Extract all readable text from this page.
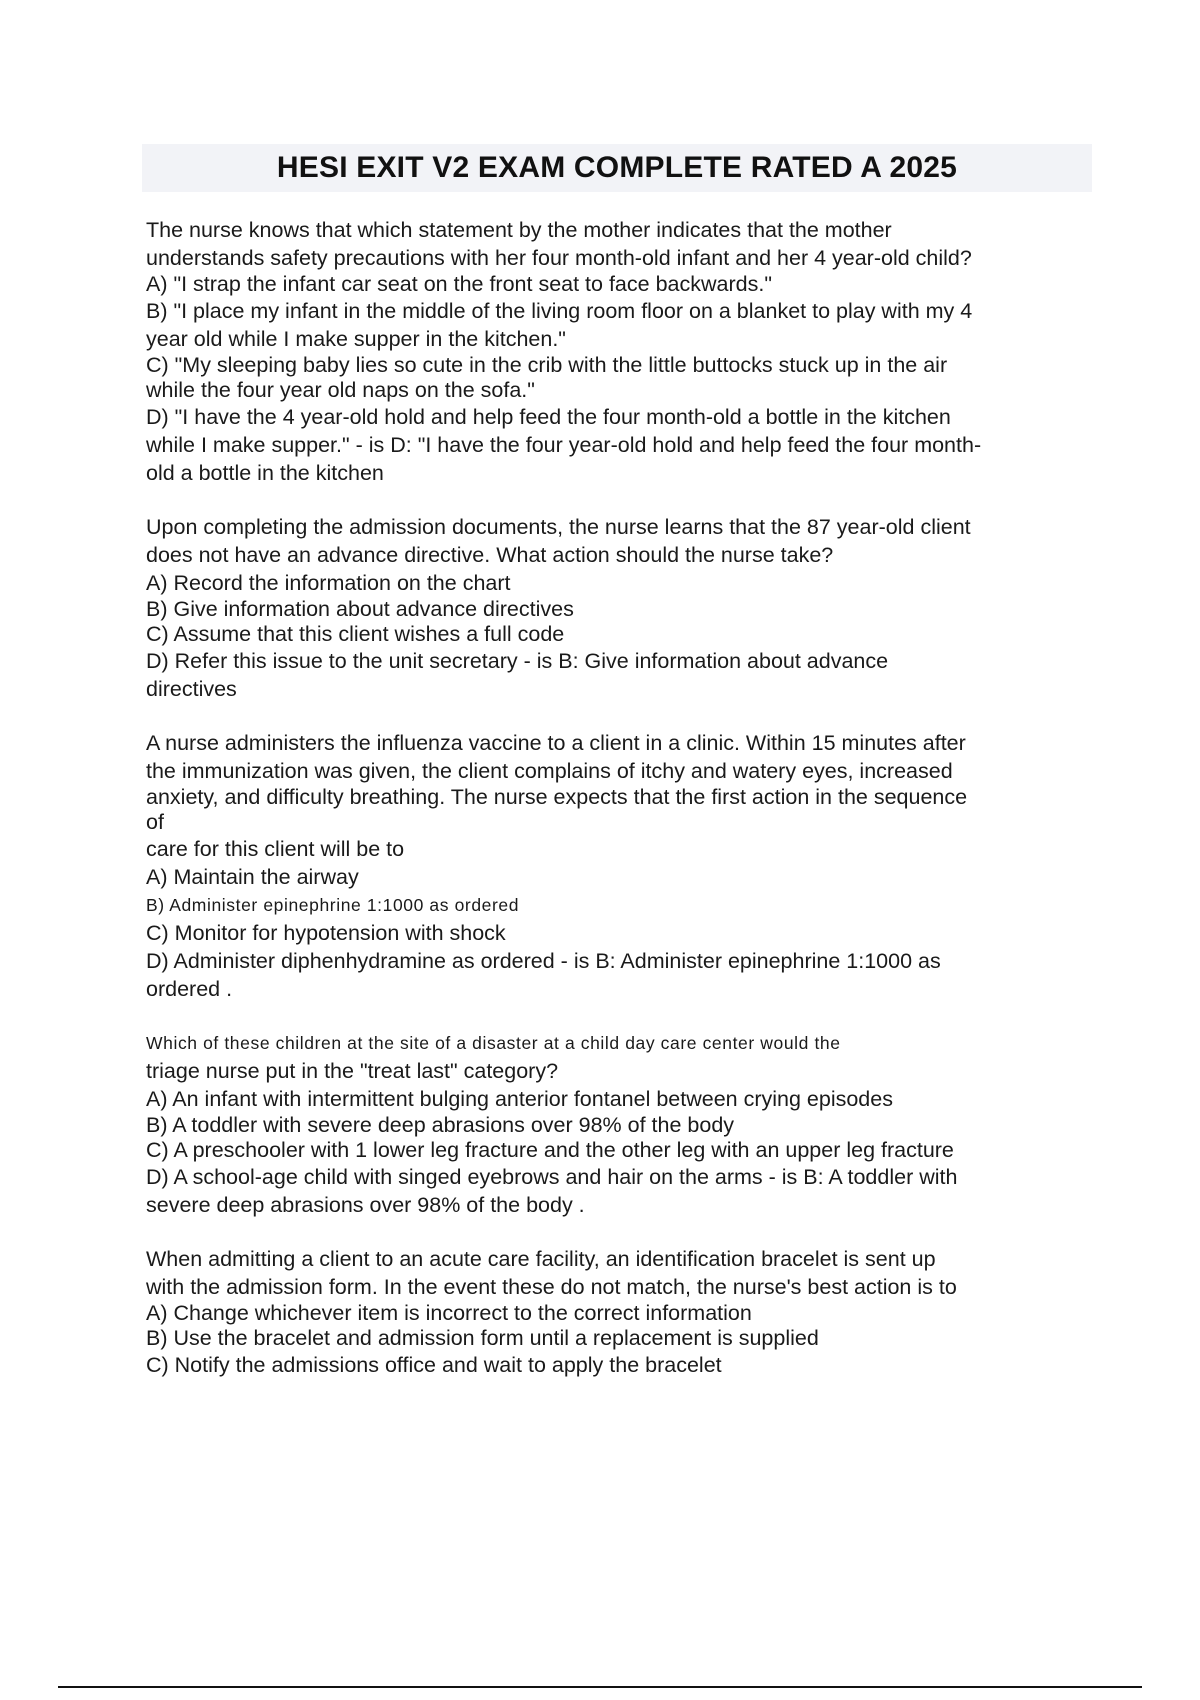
HESI EXIT V2 EXAM COMPLETE RATED A 2025
The nurse knows that which statement by the mother indicates that the mother
understands safety precautions with her four month-old infant and her 4 year-old child?
A) "I strap the infant car seat on the front seat to face backwards."
B) "I place my infant in the middle of the living room floor on a blanket to play with my 4
year old while I make supper in the kitchen."
C) "My sleeping baby lies so cute in the crib with the little buttocks stuck up in the air
while the four year old naps on the sofa."
D) "I have the 4 year-old hold and help feed the four month-old a bottle in the kitchen
while I make supper." - is D: "I have the four year-old hold and help feed the four month-
old a bottle in the kitchen
Upon completing the admission documents, the nurse learns that the 87 year-old client
does not have an advance directive. What action should the nurse take?
A) Record the information on the chart
B) Give information about advance directives
C) Assume that this client wishes a full code
D) Refer this issue to the unit secretary - is B: Give information about advance
directives
A nurse administers the influenza vaccine to a client in a clinic. Within 15 minutes after
the immunization was given, the client complains of itchy and watery eyes, increased
anxiety, and difficulty breathing. The nurse expects that the first action in the sequence
of
care for this client will be to
A) Maintain the airway
B) Administer epinephrine 1:1000 as ordered
C) Monitor for hypotension with shock
D) Administer diphenhydramine as ordered - is B: Administer epinephrine 1:1000 as
ordered .
Which of these children at the site of a disaster at a child day care center would the
triage nurse put in the "treat last" category?
A) An infant with intermittent bulging anterior fontanel between crying episodes
B) A toddler with severe deep abrasions over 98% of the body
C) A preschooler with 1 lower leg fracture and the other leg with an upper leg fracture
D) A school-age child with singed eyebrows and hair on the arms - is B: A toddler with
severe deep abrasions over 98% of the body .
When admitting a client to an acute care facility, an identification bracelet is sent up
with the admission form. In the event these do not match, the nurse's best action is to
A) Change whichever item is incorrect to the correct information
B) Use the bracelet and admission form until a replacement is supplied
C) Notify the admissions office and wait to apply the bracelet
